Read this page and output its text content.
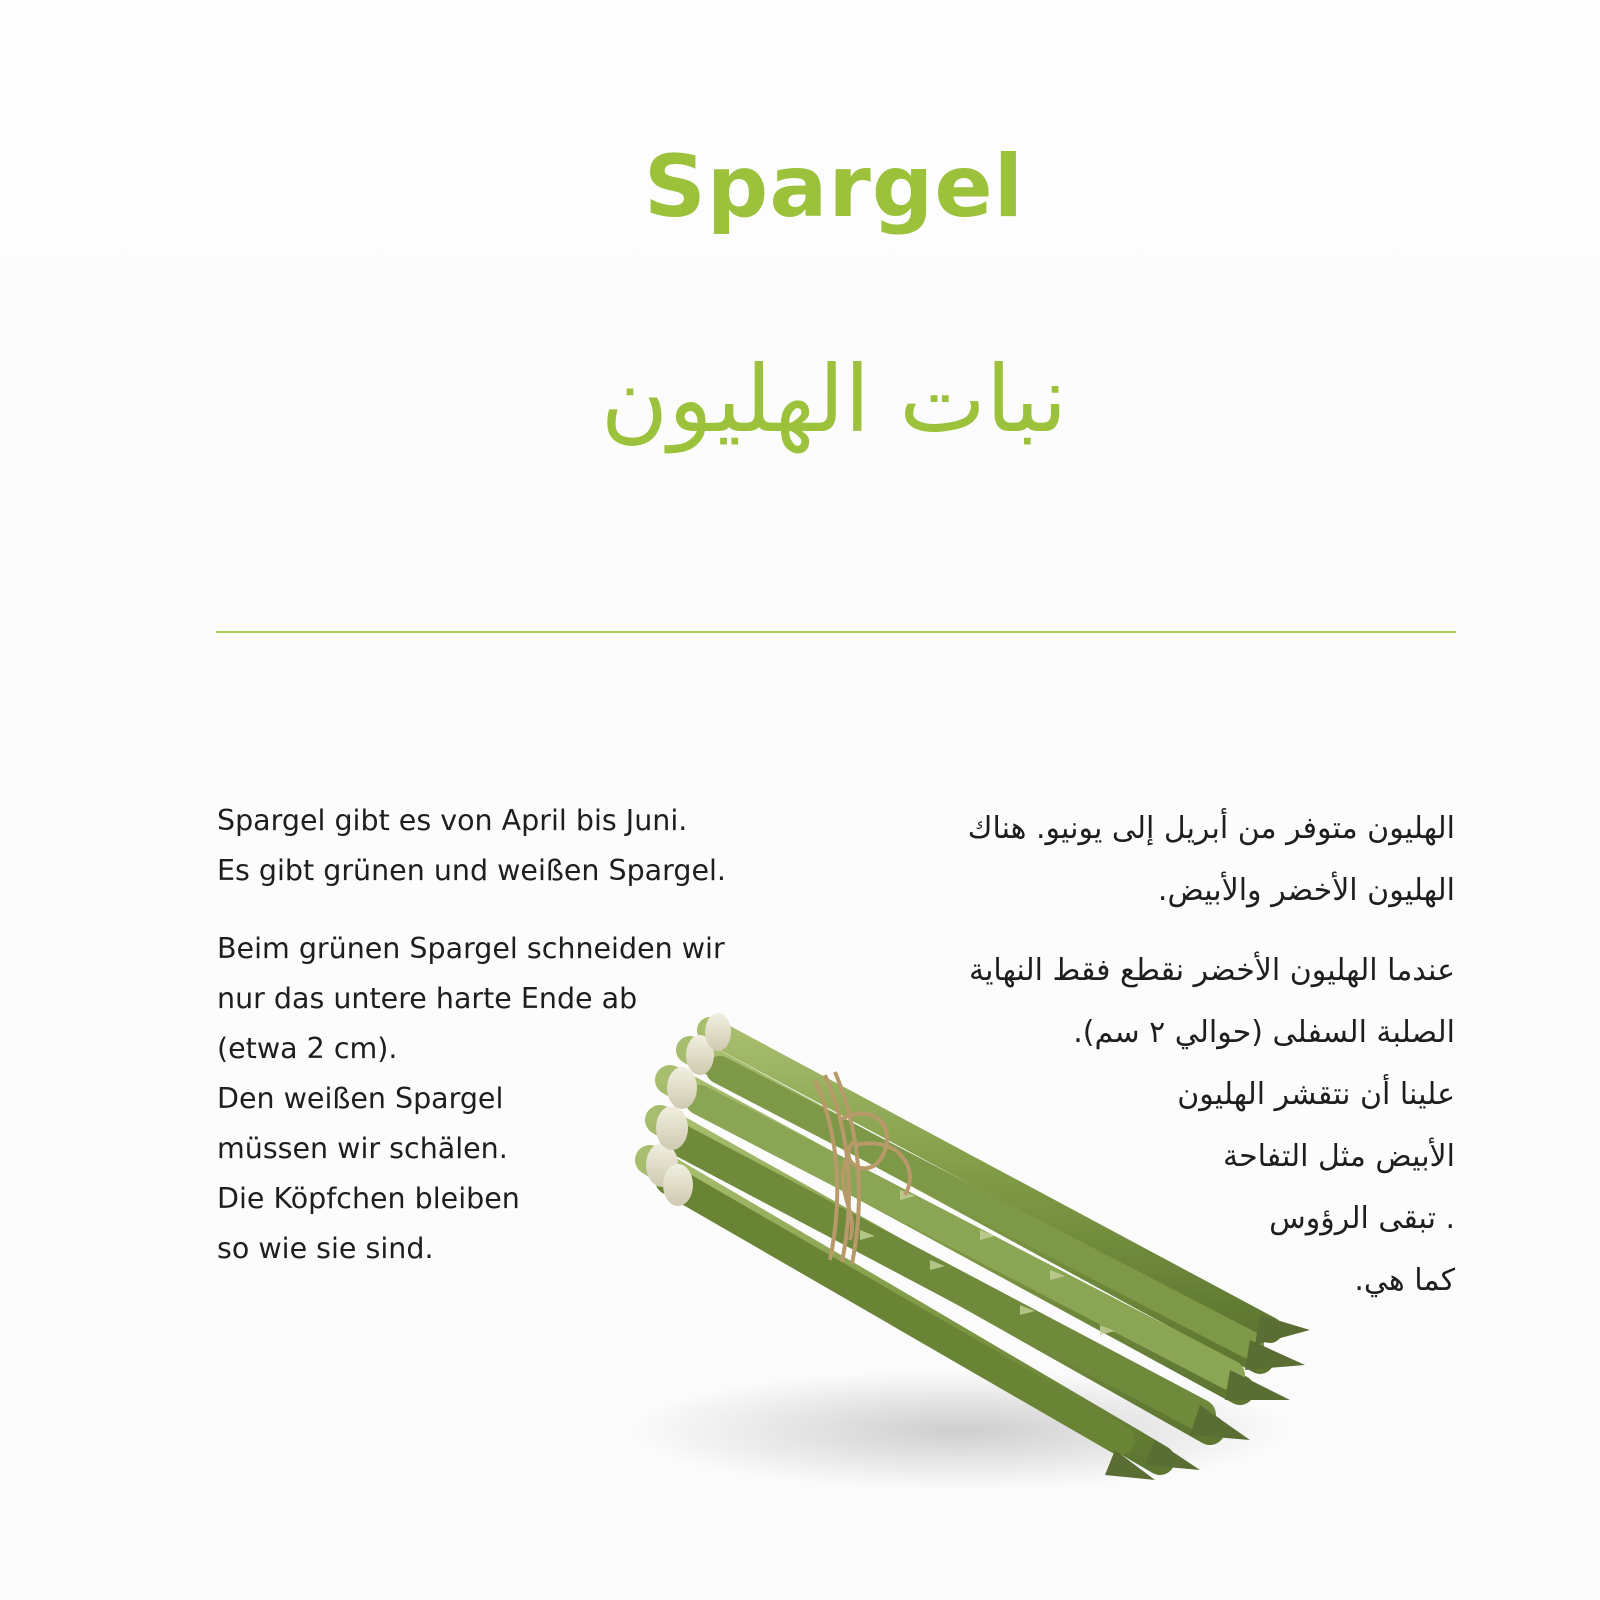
Spargel
نبات الهليون

Spargel gibt es von April bis Juni.

Es gibt grünen und weißen Spargel.

Beim grünen Spargel schneiden wir

nur das untere harte Ende ab

(etwa 2 cm).

Den weißen Spargel

müssen wir schälen.

Die Köpfchen bleiben

so wie sie sind.

الهليون متوفر من أبريل إلى يونيو. هناك

الهليون الأخضر والأبيض.

عندما الهليون الأخضر نقطع فقط النهاية

الصلبة السفلى (حوالي ٢ سم).

علينا أن نتقشر الهليون

الأبيض مثل التفاحة

. تبقى الرؤوس

كما هي.
